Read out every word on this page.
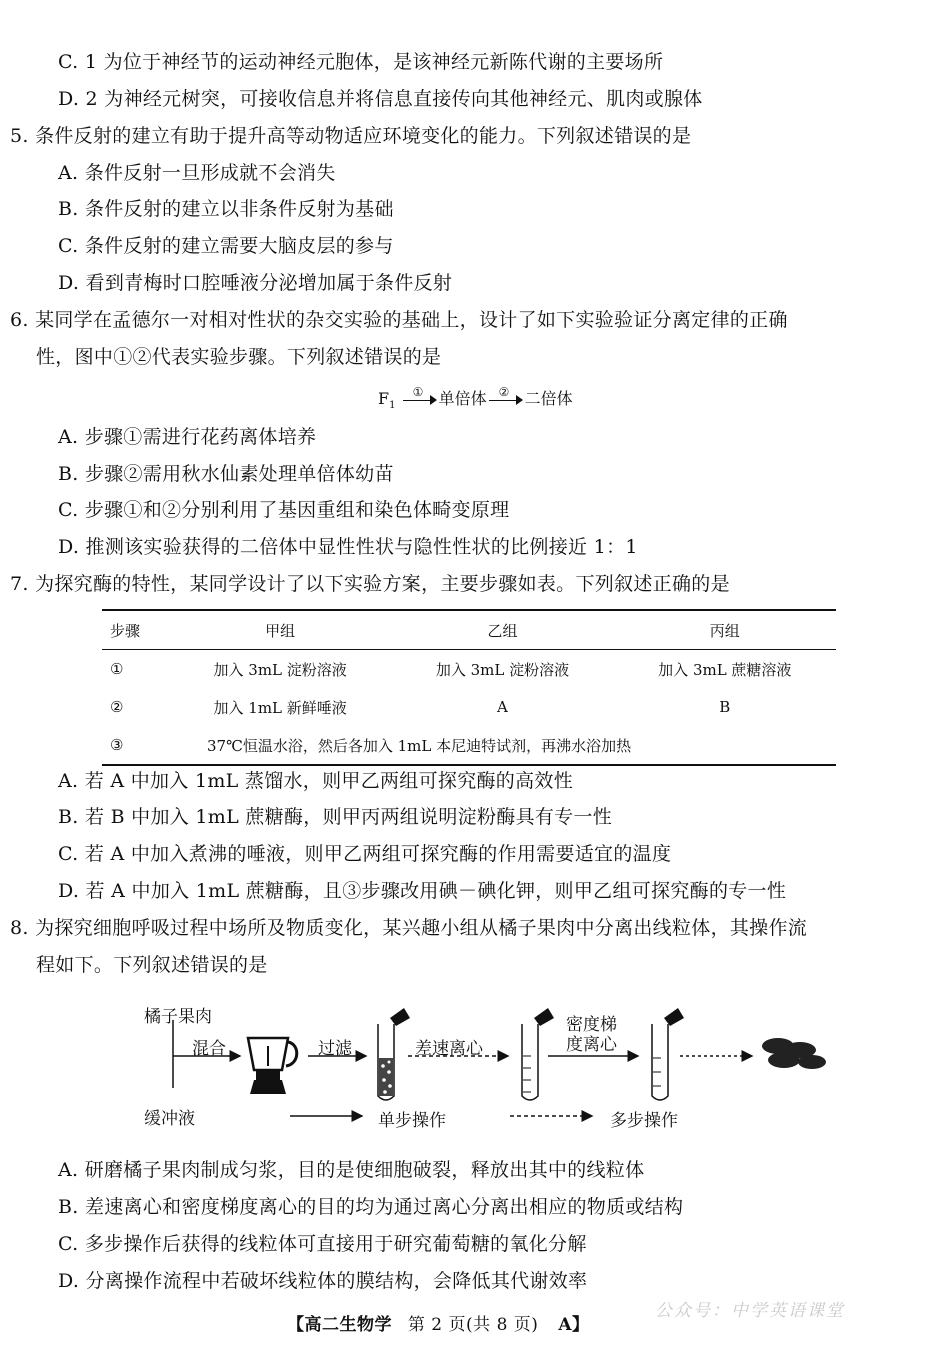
C. 1 为位于神经节的运动神经元胞体，是该神经元新陈代谢的主要场所
D. 2 为神经元树突，可接收信息并将信息直接传向其他神经元、肌肉或腺体
5. 条件反射的建立有助于提升高等动物适应环境变化的能力。下列叙述错误的是
A. 条件反射一旦形成就不会消失
B. 条件反射的建立以非条件反射为基础
C. 条件反射的建立需要大脑皮层的参与
D. 看到青梅时口腔唾液分泌增加属于条件反射
6. 某同学在孟德尔一对相对性状的杂交实验的基础上，设计了如下实验验证分离定律的正确
性，图中①②代表实验步骤。下列叙述错误的是
$F_1$
① 单倍体 ② 二倍体
A. 步骤①需进行花药离体培养
B. 步骤②需用秋水仙素处理单倍体幼苗
C. 步骤①和②分别利用了基因重组和染色体畸变原理
D. 推测该实验获得的二倍体中显性性状与隐性性状的比例接近 1：1
7. 为探究酶的特性，某同学设计了以下实验方案，主要步骤如表。下列叙述正确的是
步骤	甲组	乙组	丙组
①	加入 3mL 淀粉溶液	加入 3mL 淀粉溶液	加入 3mL 蔗糖溶液
②	加入 1mL 新鲜唾液	A	B
③	37℃恒温水浴，然后各加入 1mL 本尼迪特试剂，再沸水浴加热		
A. 若 A 中加入 1mL 蒸馏水，则甲乙两组可探究酶的高效性
B. 若 B 中加入 1mL 蔗糖酶，则甲丙两组说明淀粉酶具有专一性
C. 若 A 中加入煮沸的唾液，则甲乙两组可探究酶的作用需要适宜的温度
D. 若 A 中加入 1mL 蔗糖酶，且③步骤改用碘－碘化钾，则甲乙组可探究酶的专一性
8. 为探究细胞呼吸过程中场所及物质变化，某兴趣小组从橘子果肉中分离出线粒体，其操作流
程如下。下列叙述错误的是
橘子果肉
混合
缓冲液
过滤	差速离心
密度梯
度离心
单步操作	多步操作
A. 研磨橘子果肉制成匀浆，目的是使细胞破裂，释放出其中的线粒体
B. 差速离心和密度梯度离心的目的均为通过离心分离出相应的物质或结构
C. 多步操作后获得的线粒体可直接用于研究葡萄糖的氧化分解
D. 分离操作流程中若破坏线粒体的膜结构，会降低其代谢效率
【高二生物学 第 2 页(共 8 页) A】
公众号：中学英语课堂
